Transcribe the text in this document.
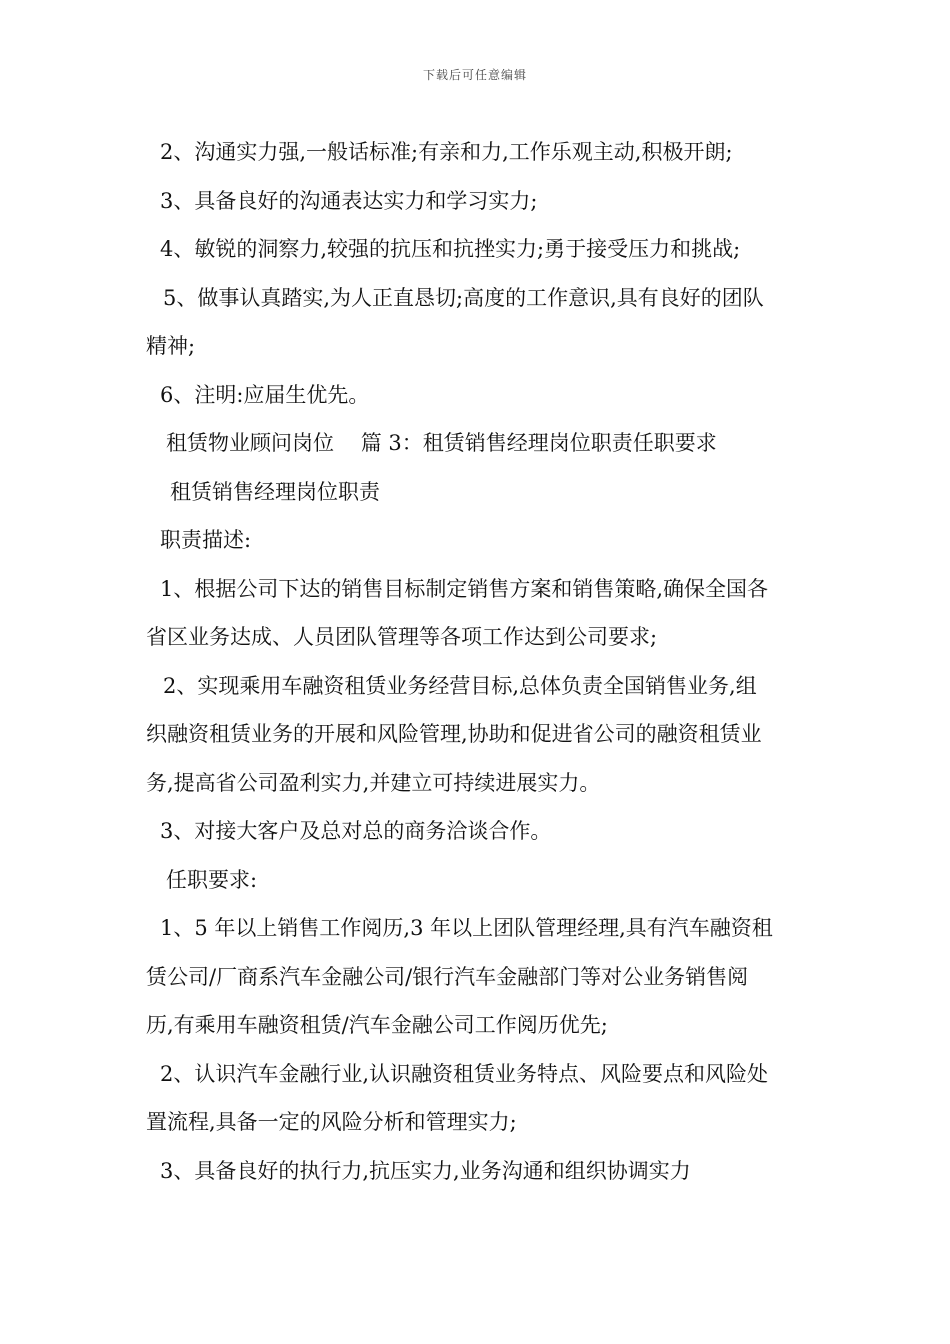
下载后可任意编辑

2、沟通实力强,一般话标准;有亲和力,工作乐观主动,积极开朗;

3、具备良好的沟通表达实力和学习实力;

4、敏锐的洞察力,较强的抗压和抗挫实力;勇于接受压力和挑战;

5、做事认真踏实,为人正直恳切;高度的工作意识,具有良好的团队

精神;

6、注明:应届生优先。

租赁物业顾问岗位    篇 3：租赁销售经理岗位职责任职要求

租赁销售经理岗位职责

职责描述:

1、根据公司下达的销售目标制定销售方案和销售策略,确保全国各

省区业务达成、人员团队管理等各项工作达到公司要求;

2、实现乘用车融资租赁业务经营目标,总体负责全国销售业务,组

织融资租赁业务的开展和风险管理,协助和促进省公司的融资租赁业

务,提高省公司盈利实力,并建立可持续进展实力。

3、对接大客户及总对总的商务洽谈合作。

任职要求:

1、5 年以上销售工作阅历,3 年以上团队管理经理,具有汽车融资租

赁公司/厂商系汽车金融公司/银行汽车金融部门等对公业务销售阅

历,有乘用车融资租赁/汽车金融公司工作阅历优先;

2、认识汽车金融行业,认识融资租赁业务特点、风险要点和风险处

置流程,具备一定的风险分析和管理实力;

3、具备良好的执行力,抗压实力,业务沟通和组织协调实力
